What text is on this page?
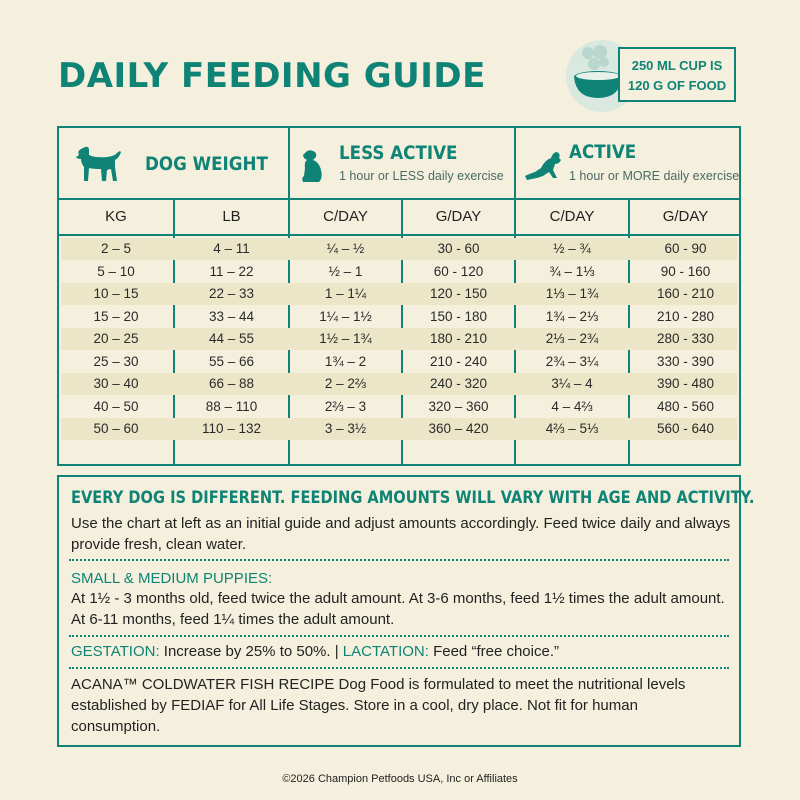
DAILY FEEDING GUIDE	250 ML CUP IS
120 G OF FOOD
DOG WEIGHT	LESS ACTIVE
1 hour or LESS daily exercise
ACTIVE
1 hour or MORE daily exercise
KG	LB	C/DAY	G/DAY	C/DAY	G/DAY
2 – 5	4 – 11	¼ – ½	30 - 60	½ – ¾	60 - 90
5 – 10	11 – 22	½ – 1	60 - 120	¾ – 1⅓	90 - 160
10 – 15	22 – 33	1 – 1¼	120 - 150	1⅓ – 1¾	160 - 210
15 – 20	33 – 44	1¼ – 1½	150 - 180	1¾ – 2⅓	210 - 280
20 – 25	44 – 55	1½ – 1¾	180 - 210	2⅓ – 2¾	280 - 330
25 – 30	55 – 66	1¾ – 2	210 - 240	2¾ – 3¼	330 - 390
30 – 40	66 – 88	2 – 2⅔	240 - 320	3¼ – 4	390 - 480
40 – 50	88 – 110	2⅔ – 3	320 – 360	4 – 4⅔	480 - 560
50 – 60	110 – 132	3 – 3½	360 – 420	4⅔ – 5⅓	560 - 640
EVERY DOG IS DIFFERENT. FEEDING AMOUNTS WILL VARY WITH AGE AND ACTIVITY.
Use the chart at left as an initial guide and adjust amounts accordingly. Feed twice daily and always provide fresh, clean water.
SMALL & MEDIUM PUPPIES:
At 1½ - 3 months old, feed twice the adult amount. At 3-6 months, feed 1½ times the adult amount. At 6-11 months, feed 1¼ times the adult amount.
GESTATION: Increase by 25% to 50%. | LACTATION: Feed “free choice.”
ACANA™ COLDWATER FISH RECIPE Dog Food is formulated to meet the nutritional levels established by FEDIAF for All Life Stages. Store in a cool, dry place. Not fit for human consumption.
©2026 Champion Petfoods USA, Inc or Affiliates
